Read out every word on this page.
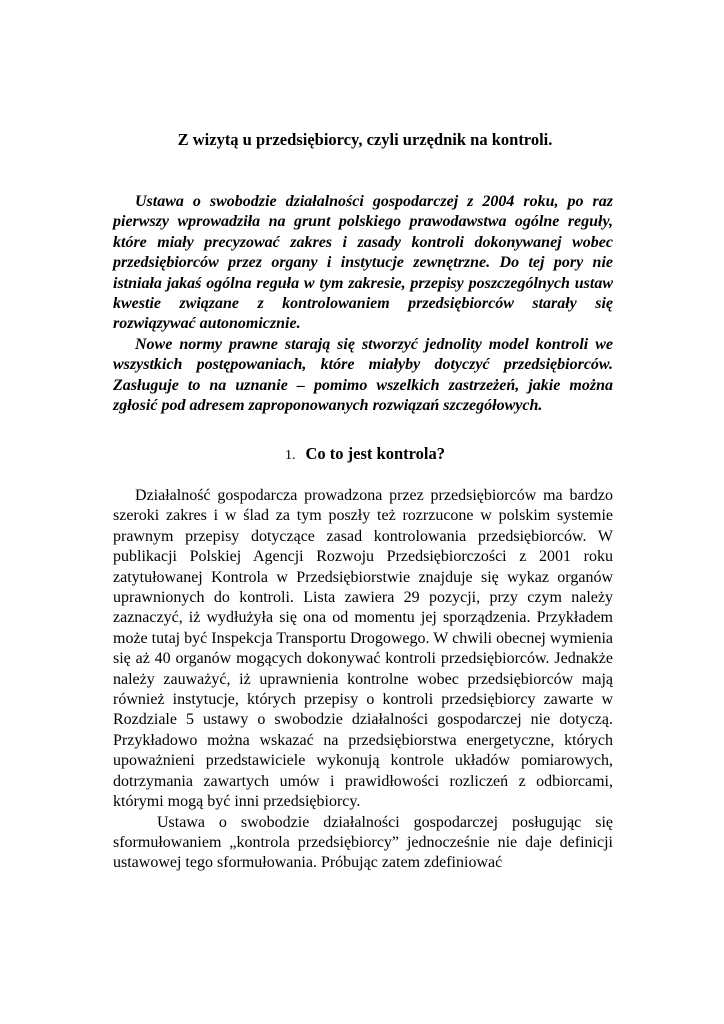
Z wizytą u przedsiębiorcy, czyli urzędnik na kontroli.

Ustawa o swobodzie działalności gospodarczej z 2004 roku, po raz pierwszy wprowadziła na grunt polskiego prawodawstwa ogólne reguły, które miały precyzować zakres i zasady kontroli dokonywanej wobec przedsiębiorców przez organy i instytucje zewnętrzne. Do tej pory nie istniała jakaś ogólna reguła w tym zakresie, przepisy poszczególnych ustaw kwestie związane z kontrolowaniem przedsiębiorców starały się rozwiązywać autonomicznie.

Nowe normy prawne starają się stworzyć jednolity model kontroli we wszystkich postępowaniach, które miałyby dotyczyć przedsiębiorców. Zasługuje to na uznanie – pomimo wszelkich zastrzeżeń, jakie można zgłosić pod adresem zaproponowanych rozwiązań szczegółowych.

1. Co to jest kontrola?

Działalność gospodarcza prowadzona przez przedsiębiorców ma bardzo szeroki zakres i w ślad za tym poszły też rozrzucone w polskim systemie prawnym przepisy dotyczące zasad kontrolowania przedsiębiorców. W publikacji Polskiej Agencji Rozwoju Przedsiębiorczości z 2001 roku zatytułowanej Kontrola w Przedsiębiorstwie znajduje się wykaz organów uprawnionych do kontroli. Lista zawiera 29 pozycji, przy czym należy zaznaczyć, iż wydłużyła się ona od momentu jej sporządzenia. Przykładem może tutaj być Inspekcja Transportu Drogowego. W chwili obecnej wymienia się aż 40 organów mogących dokonywać kontroli przedsiębiorców. Jednakże należy zauważyć, iż uprawnienia kontrolne wobec przedsiębiorców mają również instytucje, których przepisy o kontroli przedsiębiorcy zawarte w Rozdziale 5 ustawy o swobodzie działalności gospodarczej nie dotyczą. Przykładowo można wskazać na przedsiębiorstwa energetyczne, których upoważnieni przedstawiciele wykonują kontrole układów pomiarowych, dotrzymania zawartych umów i prawidłowości rozliczeń z odbiorcami, którymi mogą być inni przedsiębiorcy.

Ustawa o swobodzie działalności gospodarczej posługując się sformułowaniem „kontrola przedsiębiorcy” jednocześnie nie daje definicji ustawowej tego sformułowania. Próbując zatem zdefiniować
